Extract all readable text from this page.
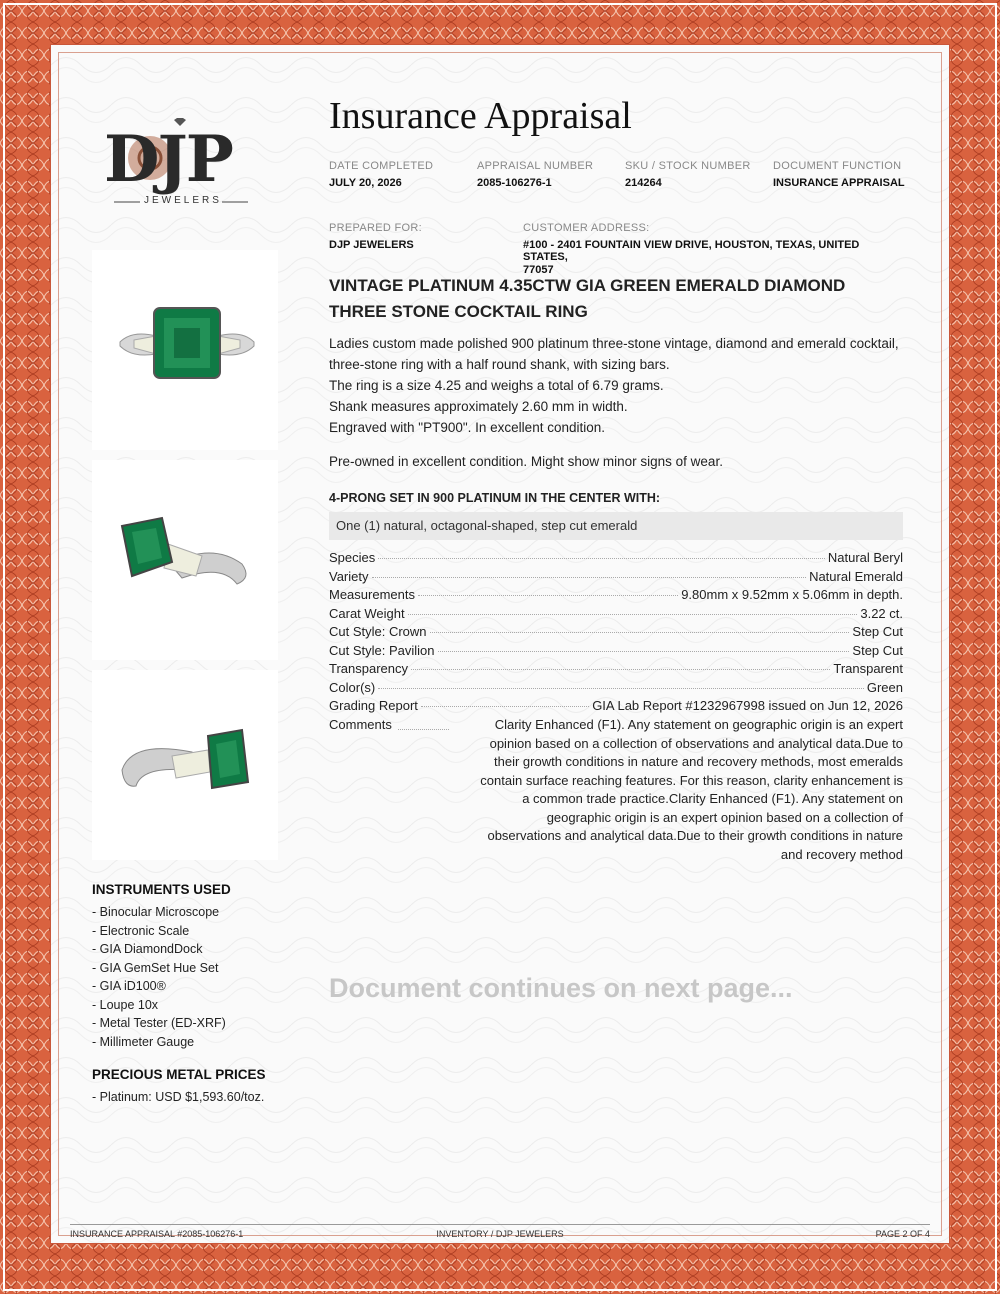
DJP
JEWELERS
Insurance Appraisal
DATE COMPLETED
JULY 20, 2026
APPRAISAL NUMBER
2085-106276-1
SKU / STOCK NUMBER
214264
DOCUMENT FUNCTION
INSURANCE APPRAISAL
PREPARED FOR:
DJP JEWELERS
CUSTOMER ADDRESS:
#100 - 2401 FOUNTAIN VIEW DRIVE, HOUSTON, TEXAS, UNITED STATES,
77057
VINTAGE PLATINUM 4.35CTW GIA GREEN EMERALD DIAMOND
THREE STONE COCKTAIL RING
Ladies custom made polished 900 platinum three-stone vintage, diamond and emerald cocktail,
three-stone ring with a half round shank, with sizing bars.
The ring is a size 4.25 and weighs a total of 6.79 grams.
Shank measures approximately 2.60 mm in width.
Engraved with "PT900". In excellent condition.
Pre-owned in excellent condition. Might show minor signs of wear.
4-PRONG SET IN 900 PLATINUM IN THE CENTER WITH:
One (1) natural, octagonal-shaped, step cut emerald
Species	Natural Beryl
Variety	Natural Emerald
Measurements	9.80mm x 9.52mm x 5.06mm in depth.
Carat Weight	3.22 ct.
Cut Style: Crown	Step Cut
Cut Style: Pavilion	Step Cut
Transparency	Transparent
Color(s)	Green
Grading Report	GIA Lab Report #1232967998 issued on Jun 12, 2026
Comments	Clarity Enhanced (F1). Any statement on geographic origin is an expert
opinion based on a collection of observations and analytical data.Due to
their growth conditions in nature and recovery methods, most emeralds
contain surface reaching features. For this reason, clarity enhancement is
a common trade practice.Clarity Enhanced (F1). Any statement on
geographic origin is an expert opinion based on a collection of
observations and analytical data.Due to their growth conditions in nature
and recovery method
Document continues on next page...
INSTRUMENTS USED
- Binocular Microscope
- Electronic Scale
- GIA DiamondDock
- GIA GemSet Hue Set
- GIA iD100®
- Loupe 10x
- Metal Tester (ED-XRF)
- Millimeter Gauge
PRECIOUS METAL PRICES
- Platinum: USD $1,593.60/toz.
INSURANCE APPRAISAL #2085-106276-1	INVENTORY / DJP JEWELERS	PAGE 2 OF 4
